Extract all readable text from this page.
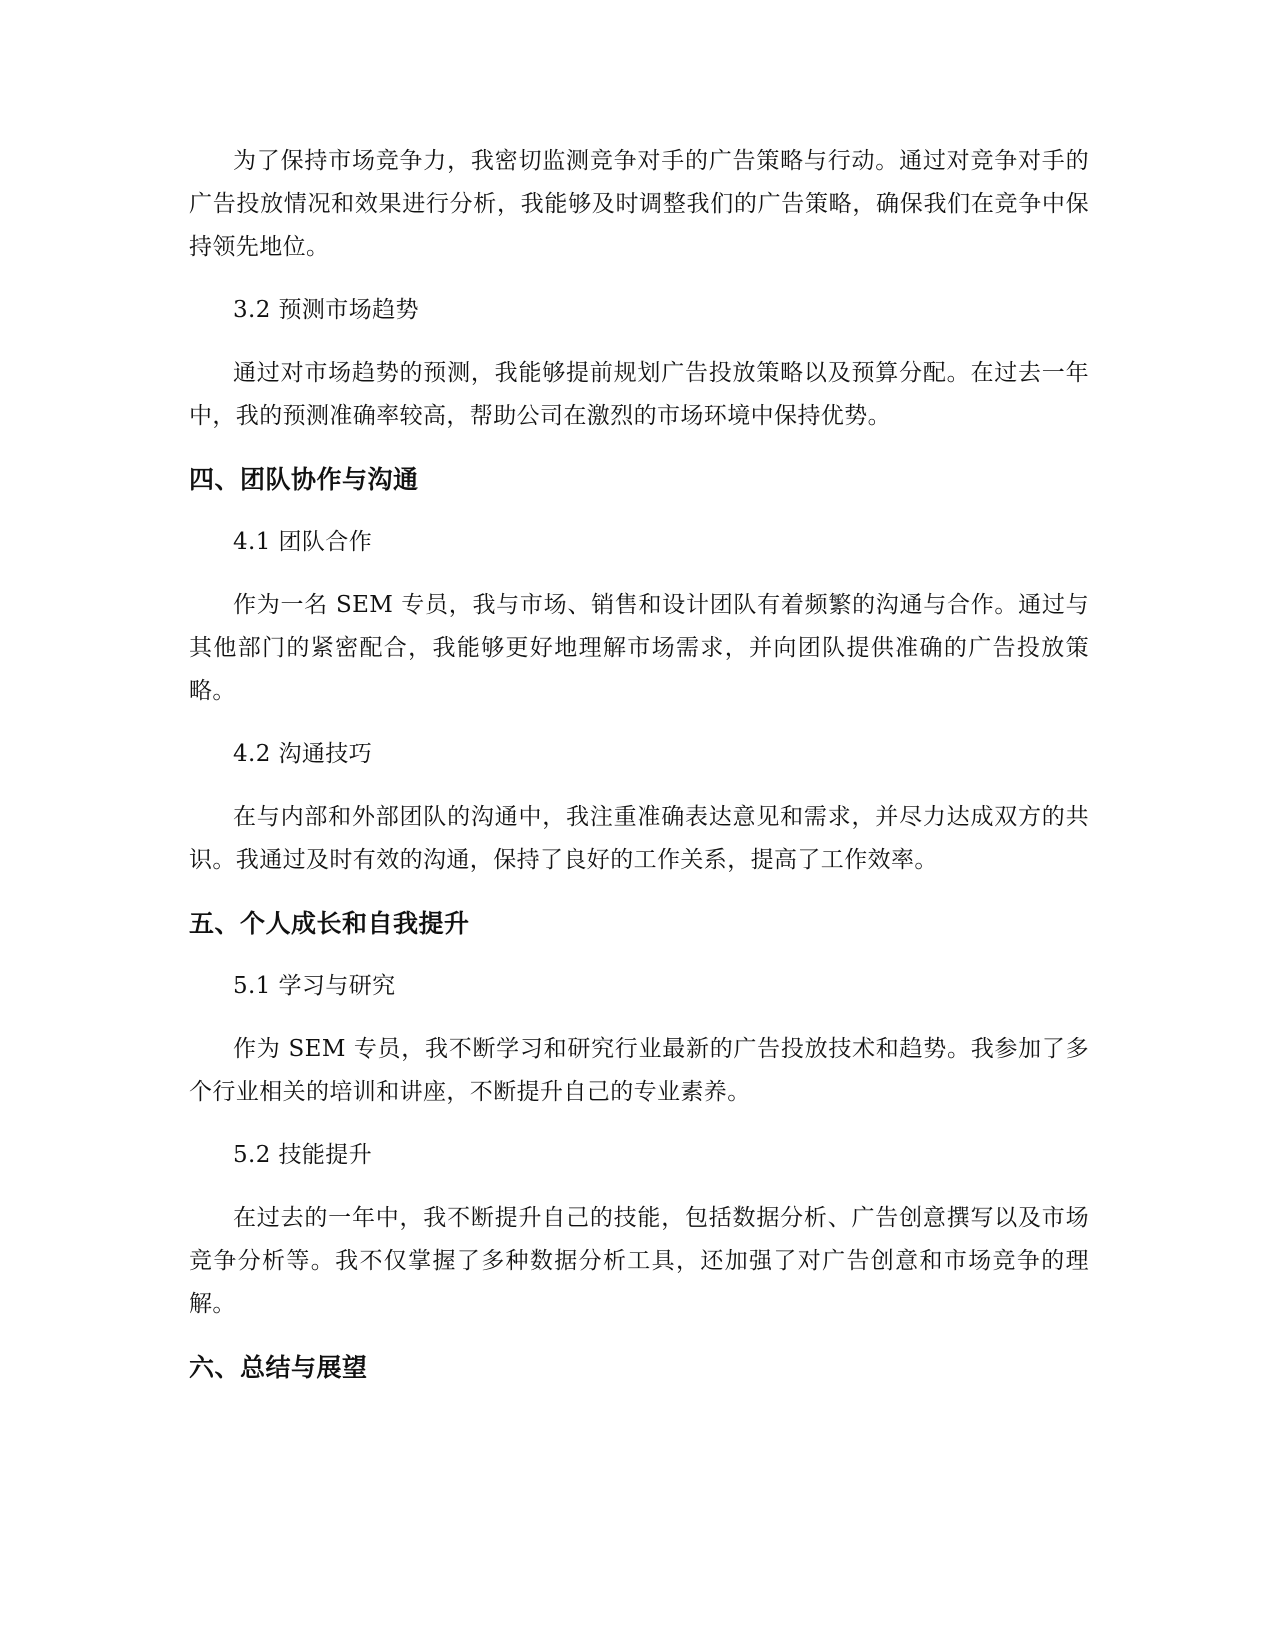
为了保持市场竞争力，我密切监测竞争对手的广告策略与行动。通过对竞争对手的广告投放情况和效果进行分析，我能够及时调整我们的广告策略，确保我们在竞争中保持领先地位。

3.2 预测市场趋势

通过对市场趋势的预测，我能够提前规划广告投放策略以及预算分配。在过去一年中，我的预测准确率较高，帮助公司在激烈的市场环境中保持优势。

四、团队协作与沟通

4.1 团队合作

作为一名 SEM 专员，我与市场、销售和设计团队有着频繁的沟通与合作。通过与其他部门的紧密配合，我能够更好地理解市场需求，并向团队提供准确的广告投放策略。

4.2 沟通技巧

在与内部和外部团队的沟通中，我注重准确表达意见和需求，并尽力达成双方的共识。我通过及时有效的沟通，保持了良好的工作关系，提高了工作效率。

五、个人成长和自我提升

5.1 学习与研究

作为 SEM 专员，我不断学习和研究行业最新的广告投放技术和趋势。我参加了多个行业相关的培训和讲座，不断提升自己的专业素养。

5.2 技能提升

在过去的一年中，我不断提升自己的技能，包括数据分析、广告创意撰写以及市场竞争分析等。我不仅掌握了多种数据分析工具，还加强了对广告创意和市场竞争的理解。

六、总结与展望
